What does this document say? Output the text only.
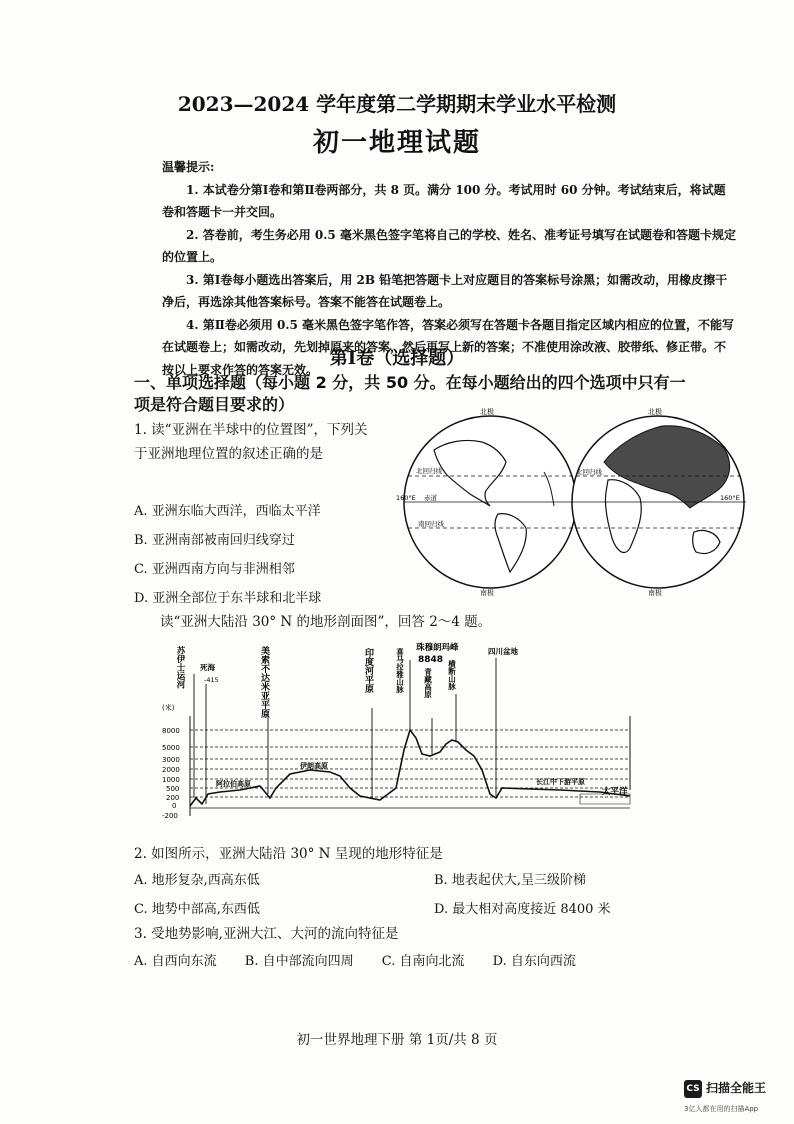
2023—2024 学年度第二学期期末学业水平检测
初一地理试题

温馨提示:

1. 本试卷分第Ⅰ卷和第Ⅱ卷两部分，共 8 页。满分 100 分。考试用时 60 分钟。考试结束后，将试题卷和答题卡一并交回。

2. 答卷前，考生务必用 0.5 毫米黑色签字笔将自己的学校、姓名、准考证号填写在试题卷和答题卡规定的位置上。

3. 第Ⅰ卷每小题选出答案后，用 2B 铅笔把答题卡上对应题目的答案标号涂黑；如需改动，用橡皮擦干净后，再选涂其他答案标号。答案不能答在试题卷上。

4. 第Ⅱ卷必须用 0.5 毫米黑色签字笔作答，答案必须写在答题卡各题目指定区域内相应的位置，不能写在试题卷上；如需改动，先划掉原来的答案，然后再写上新的答案；不准使用涂改液、胶带纸、修正带。不按以上要求作答的答案无效。

第Ⅰ卷（选择题）
一、单项选择题（每小题 2 分，共 50 分。在每小题给出的四个选项中只有一项是符合题目要求的）
1. 读“亚洲在半球中的位置图”，下列关于亚洲地理位置的叙述正确的是
A. 亚洲东临大西洋，西临太平洋
B. 亚洲南部被南回归线穿过
C. 亚洲西南方向与非洲相邻
D. 亚洲全部位于东半球和北半球
北极	北极
南极	南极
北回归线	北回归线
赤道
南回归线
160°E	160°E
读“亚洲大陆沿 30° N 的地形剖面图”，回答 2～4 题。
(米)
8000
5000
3000
2000
1000
500
200
0
-200
苏伊士运河 死海
-415	美索不达米亚平原	印度河平原	喜马拉雅山脉 珠穆朗玛峰
8848
青藏高原 横断山脉
四川盆地
阿拉伯高原
伊朗高原
长江中下游平原
太平洋
2. 如图所示，亚洲大陆沿 30° N 呈现的地形特征是
A. 地形复杂,西高东低	B. 地表起伏大,呈三级阶梯
C. 地势中部高,东西低	D. 最大相对高度接近 8400 米
3. 受地势影响,亚洲大江、大河的流向特征是
A. 自西向东流 B. 自中部流向四周 C. 自南向北流 D. 自东向西流
初一世界地理下册 第 1页/共 8 页
CS 扫描全能王
3亿人都在用的扫描App
